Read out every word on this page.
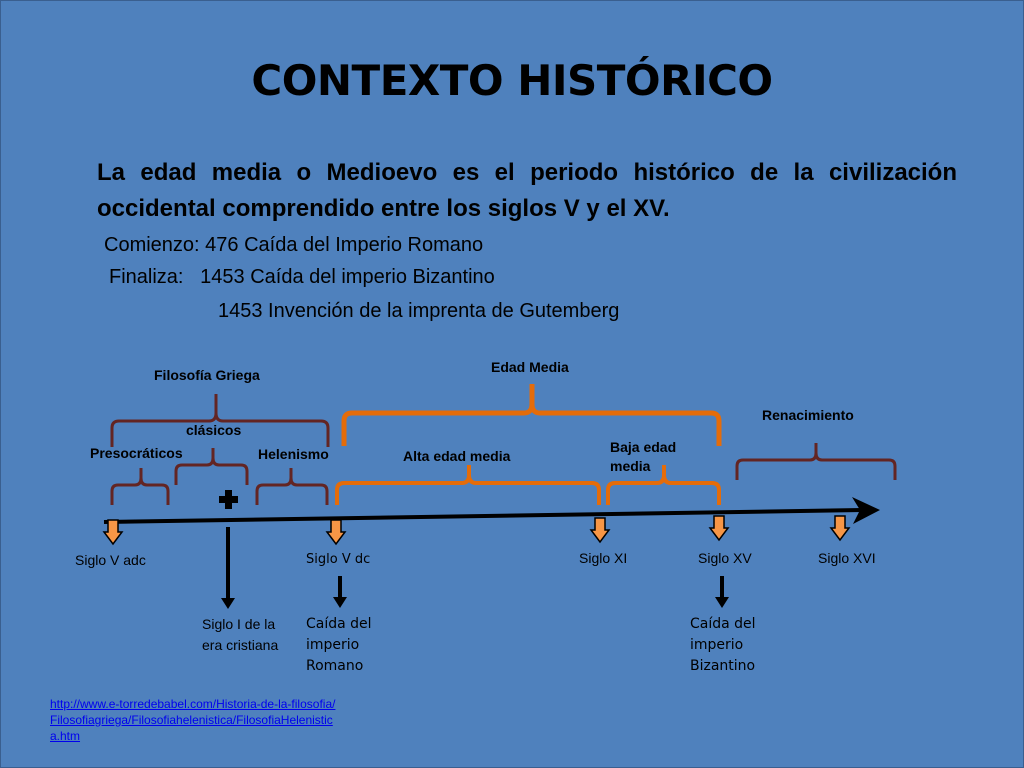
CONTEXTO HISTÓRICO
La edad media o Medioevo es el periodo histórico de la civilización occidental comprendido entre los siglos V y el XV.
Comienzo: 476 Caída del Imperio Romano
Finaliza:   1453 Caída del imperio Bizantino
1453 Invención de la imprenta de Gutemberg
Filosofía Griega	Edad Media
Renacimiento
clásicos
Presocráticos	Helenismo	Alta edad media
Baja edad media
Siglo V adc	Siglo V dc	Siglo XI	Siglo XV	Siglo XVI
Siglo I de la era cristiana
Caída del imperio Romano
Caída del imperio Bizantino
http://www.e-torredebabel.com/Historia-de-la-filosofia/Filosofiagriega/Filosofiahelenistica/FilosofiaHelenistica.htm
